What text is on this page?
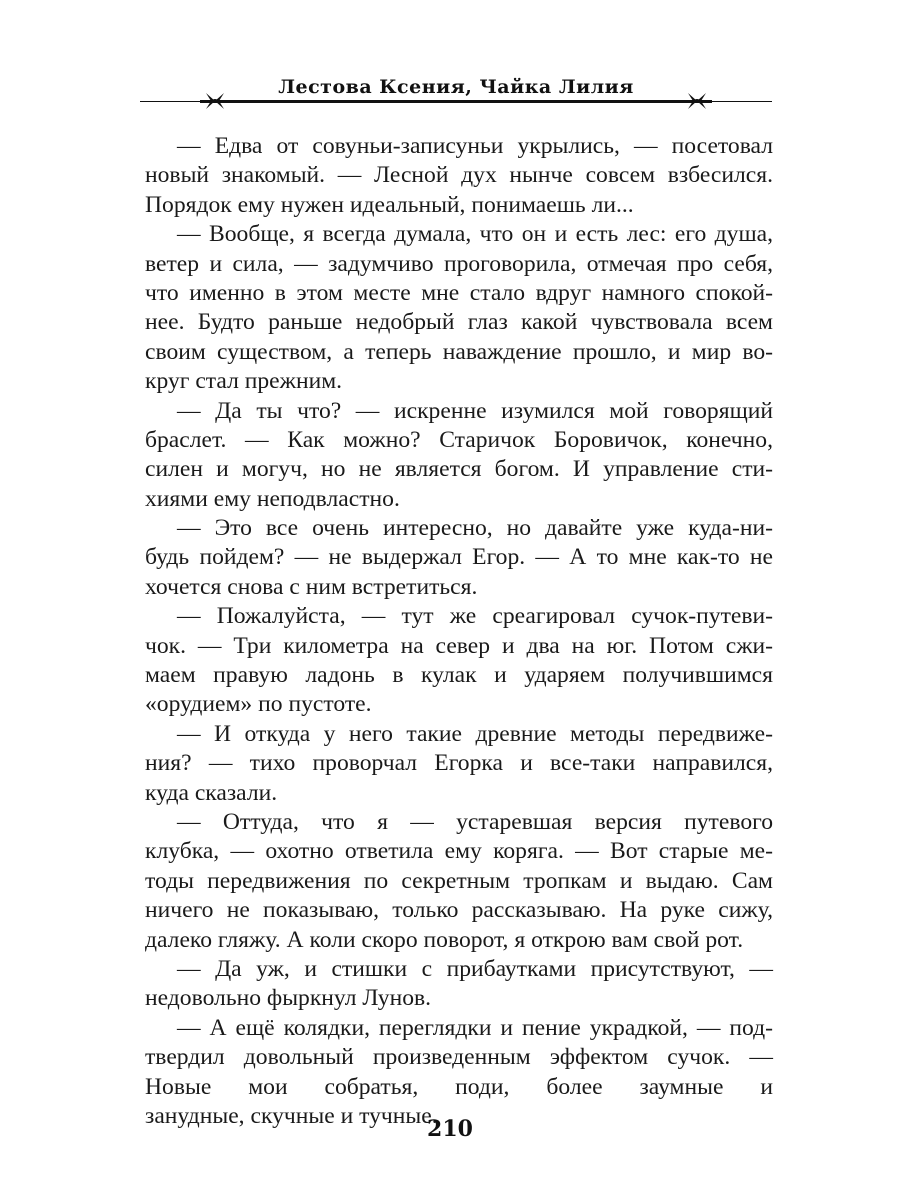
Лестова Ксения, Чайка Лилия
— Едва от совуньи-записуньи укрылись, — посетовал
новый знакомый. — Лесной дух нынче совсем взбесился.
Порядок ему нужен идеальный, понимаешь ли...
— Вообще, я всегда думала, что он и есть лес: его душа,
ветер и сила, — задумчиво проговорила, отмечая про себя,
что именно в этом месте мне стало вдруг намного спокой-
нее. Будто раньше недобрый глаз какой чувствовала всем
своим существом, а теперь наваждение прошло, и мир во-
круг стал прежним.
— Да ты что? — искренне изумился мой говорящий
браслет. — Как можно? Старичок Боровичок, конечно,
силен и могуч, но не является богом. И управление сти-
хиями ему неподвластно.
— Это все очень интересно, но давайте уже куда-ни-
будь пойдем? — не выдержал Егор. — А то мне как-то не
хочется снова с ним встретиться.
— Пожалуйста, — тут же среагировал сучок-путеви-
чок. — Три километра на север и два на юг. Потом сжи-
маем правую ладонь в кулак и ударяем получившимся
«орудием» по пустоте.
— И откуда у него такие древние методы передвиже-
ния? — тихо проворчал Егорка и все-таки направился,
куда сказали.
— Оттуда, что я — устаревшая версия путевого
клубка, — охотно ответила ему коряга. — Вот старые ме-
тоды передвижения по секретным тропкам и выдаю. Сам
ничего не показываю, только рассказываю. На руке сижу,
далеко гляжу. А коли скоро поворот, я открою вам свой рот.
— Да уж, и стишки с прибаутками присутствуют, —
недовольно фыркнул Лунов.
— А ещё колядки, переглядки и пение украдкой, — под-
твердил довольный произведенным эффектом сучок. —
Новые мои собратья, поди, более заумные и
занудные, скучные и тучные.
210
